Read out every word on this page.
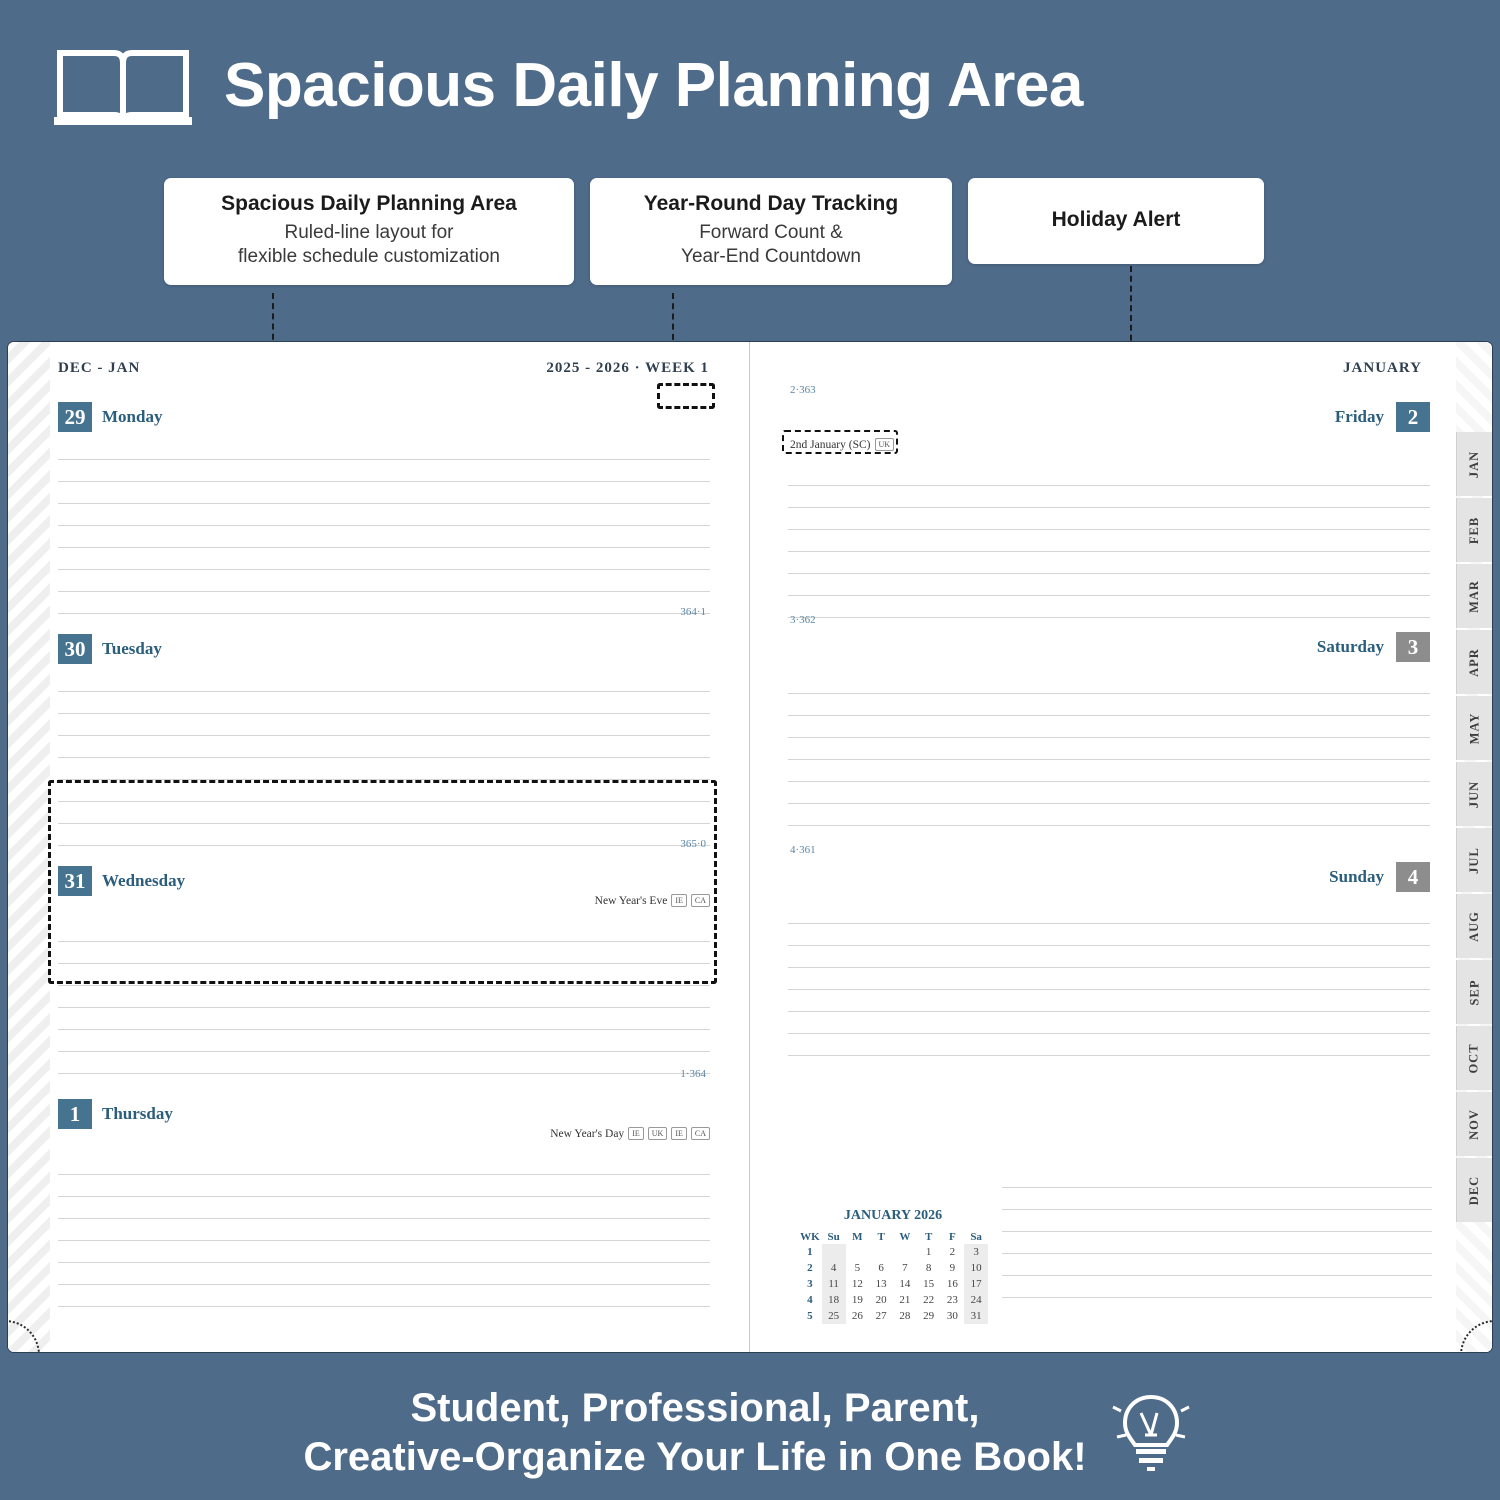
Spacious Daily Planning Area
Spacious Daily Planning Area
Ruled-line layout for
flexible schedule customization
Year-Round Day Tracking
Forward Count &
Year-End Countdown
Holiday Alert
DEC - JAN	2025 - 2026 · WEEK 1
29 Monday
364·1
30 Tuesday
365·0
31 Wednesday
New Year's Eve	IE	CA
1·364
1	Thursday
New Year's Day	IE	UK	IE	CA
JANUARY
2·363
Friday	2
2nd January (SC)	UK
3·362
Saturday	3
4·361
Sunday	4
JANUARY 2026
WK	Su	M	T	W	T	F	Sa
1					1	2	3
2	4	5	6	7	8	9	10
3	11	12	13	14	15	16	17
4	18	19	20	21	22	23	24
5	25	26	27	28	29	30	31
JAN
FEB
MAR
APR
MAY
JUN
JUL
AUG
SEP
OCT
NOV
DEC
Student, Professional, Parent,
Creative-Organize Your Life in One Book!
